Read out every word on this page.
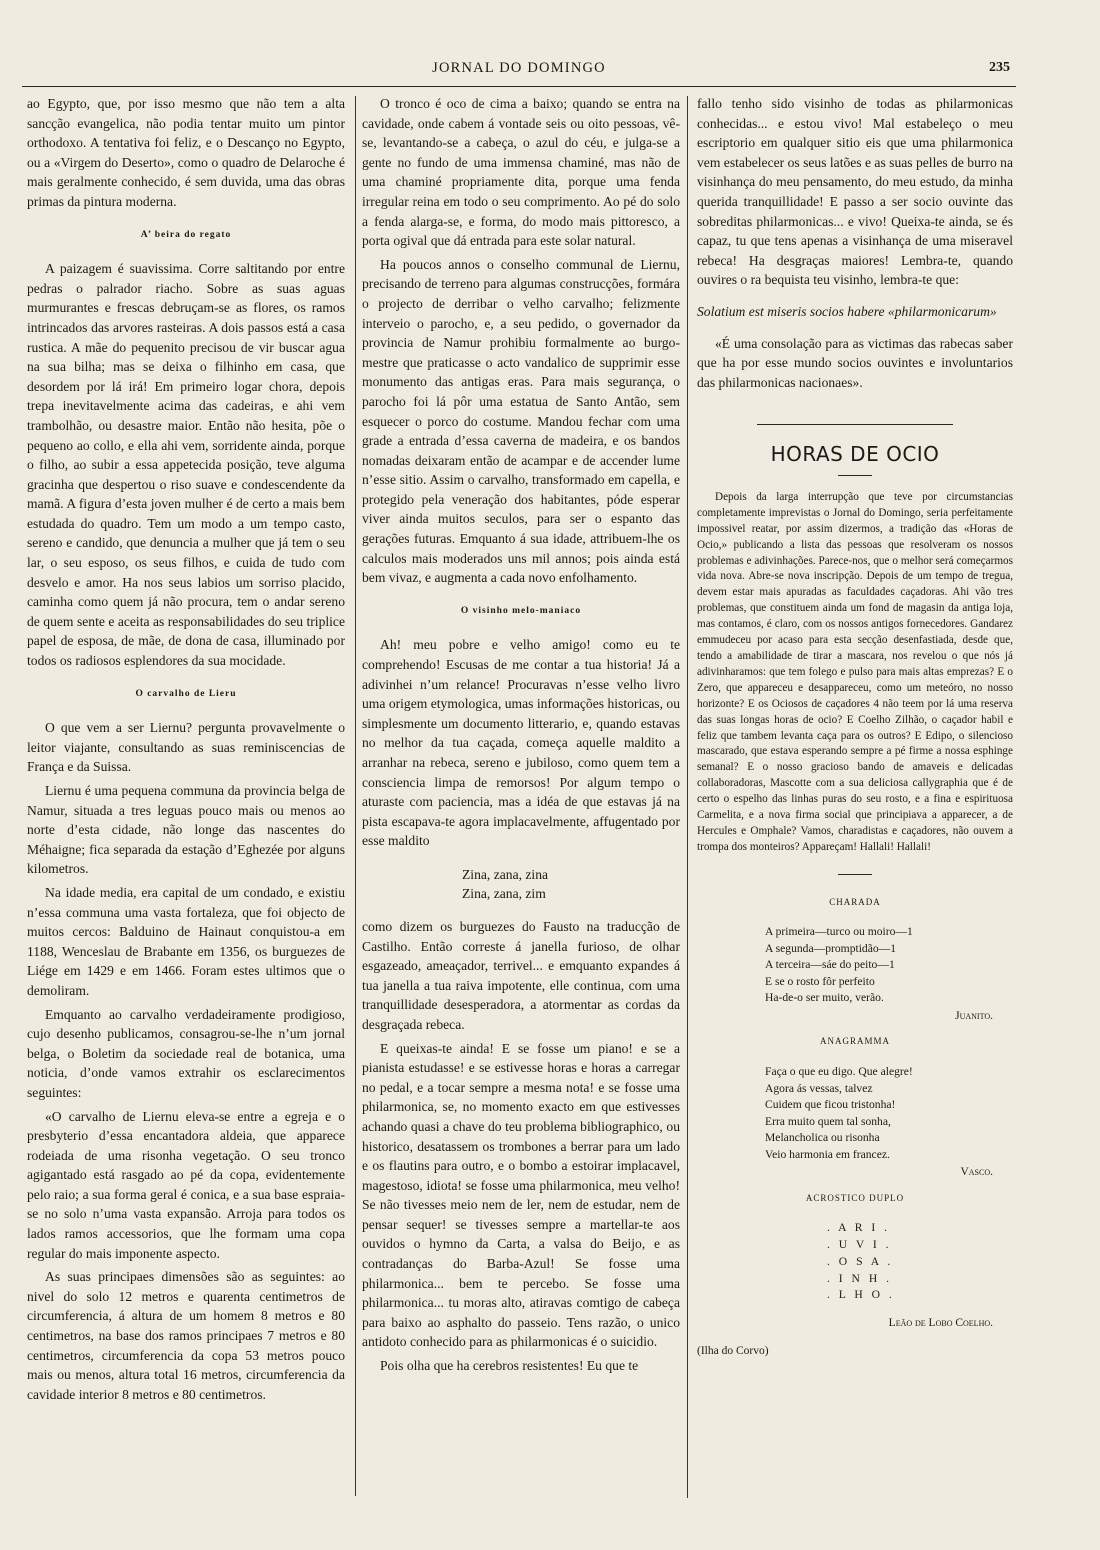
JORNAL DO DOMINGO	235

ao Egypto, que, por isso mesmo que não tem a alta sancção evangelica, não podia tentar muito um pintor orthodoxo. A tentativa foi feliz, e o Descanço no Egypto, ou a «Virgem do Deserto», como o quadro de Delaroche é mais geralmente conhecido, é sem duvida, uma das obras primas da pintura moderna.

A’ beira do regato

A paizagem é suavissima. Corre saltitando por entre pedras o palrador riacho. Sobre as suas aguas murmurantes e frescas debruçam-se as flores, os ramos intrincados das arvores rasteiras. A dois passos está a casa rustica. A mãe do pequenito precisou de vir buscar agua na sua bilha; mas se deixa o filhinho em casa, que desordem por lá irá! Em primeiro logar chora, depois trepa inevitavelmente acima das cadeiras, e ahi vem trambolhão, ou desastre maior. Então não hesita, põe o pequeno ao collo, e ella ahi vem, sorridente ainda, porque o filho, ao subir a essa appetecida posição, teve alguma gracinha que despertou o riso suave e condescendente da mamã. A figura d’esta joven mulher é de certo a mais bem estudada do quadro. Tem um modo a um tempo casto, sereno e candido, que denuncia a mulher que já tem o seu lar, o seu esposo, os seus filhos, e cuida de tudo com desvelo e amor. Ha nos seus labios um sorriso placido, caminha como quem já não procura, tem o andar sereno de quem sente e aceita as responsabilidades do seu triplice papel de esposa, de mãe, de dona de casa, illuminado por todos os radiosos esplendores da sua mocidade.

O carvalho de Lieru

O que vem a ser Liernu? pergunta provavelmente o leitor viajante, consultando as suas reminiscencias de França e da Suissa.

Liernu é uma pequena communa da provincia belga de Namur, situada a tres leguas pouco mais ou menos ao norte d’esta cidade, não longe das nascentes do Méhaigne; fica separada da estação d’Eghezée por alguns kilometros.

Na idade media, era capital de um condado, e existiu n’essa communa uma vasta fortaleza, que foi objecto de muitos cercos: Balduino de Hainaut conquistou-a em 1188, Wenceslau de Brabante em 1356, os burguezes de Liége em 1429 e em 1466. Foram estes ultimos que o demoliram.

Emquanto ao carvalho verdadeiramente prodigioso, cujo desenho publicamos, consagrou-se-lhe n’um jornal belga, o Boletim da sociedade real de botanica, uma noticia, d’onde vamos extrahir os esclarecimentos seguintes:

«O carvalho de Liernu eleva-se entre a egreja e o presbyterio d’essa encantadora aldeia, que apparece rodeiada de uma risonha vegetação. O seu tronco agigantado está rasgado ao pé da copa, evidentemente pelo raio; a sua forma geral é conica, e a sua base espraia-se no solo n’uma vasta expansão. Arroja para todos os lados ramos accessorios, que lhe formam uma copa regular do mais imponente aspecto.

As suas principaes dimensões são as seguintes: ao nivel do solo 12 metros e quarenta centimetros de circumferencia, á altura de um homem 8 metros e 80 centimetros, na base dos ramos principaes 7 metros e 80 centimetros, circumferencia da copa 53 metros pouco mais ou menos, altura total 16 metros, circumferencia da cavidade interior 8 metros e 80 centimetros.

O tronco é oco de cima a baixo; quando se entra na cavidade, onde cabem á vontade seis ou oito pessoas, vê-se, levantando-se a cabeça, o azul do céu, e julga-se a gente no fundo de uma immensa chaminé, mas não de uma chaminé propriamente dita, porque uma fenda irregular reina em todo o seu comprimento. Ao pé do solo a fenda alarga-se, e forma, do modo mais pittoresco, a porta ogival que dá entrada para este solar natural.

Ha poucos annos o conselho communal de Liernu, precisando de terreno para algumas construcções, formára o projecto de derribar o velho carvalho; felizmente interveio o parocho, e, a seu pedido, o governador da provincia de Namur prohibiu formalmente ao burgo-mestre que praticasse o acto vandalico de supprimir esse monumento das antigas eras. Para mais segurança, o parocho foi lá pôr uma estatua de Santo Antão, sem esquecer o porco do costume. Mandou fechar com uma grade a entrada d’essa caverna de madeira, e os bandos nomadas deixaram então de acampar e de accender lume n’esse sitio. Assim o carvalho, transformado em capella, e protegido pela veneração dos habitantes, póde esperar viver ainda muitos seculos, para ser o espanto das gerações futuras. Emquanto á sua idade, attribuem-lhe os calculos mais moderados uns mil annos; pois ainda está bem vivaz, e augmenta a cada novo enfolhamento.

O visinho melo-maniaco

Ah! meu pobre e velho amigo! como eu te comprehendo! Escusas de me contar a tua historia! Já a adivinhei n’um relance! Procuravas n’esse velho livro uma origem etymologica, umas informações historicas, ou simplesmente um documento litterario, e, quando estavas no melhor da tua caçada, começa aquelle maldito a arranhar na rebeca, sereno e jubiloso, como quem tem a consciencia limpa de remorsos! Por algum tempo o aturaste com paciencia, mas a idéa de que estavas já na pista escapava-te agora implacavelmente, affugentado por esse maldito

Zina, zana, zina
Zina, zana, zim

como dizem os burguezes do Fausto na traducção de Castilho. Então correste á janella furioso, de olhar esgazeado, ameaçador, terrivel... e emquanto expandes á tua janella a tua raiva impotente, elle continua, com uma tranquillidade desesperadora, a atormentar as cordas da desgraçada rebeca.

E queixas-te ainda! E se fosse um piano! e se a pianista estudasse! e se estivesse horas e horas a carregar no pedal, e a tocar sempre a mesma nota! e se fosse uma philarmonica, se, no momento exacto em que estivesses achando quasi a chave do teu problema bibliographico, ou historico, desatassem os trombones a berrar para um lado e os flautins para outro, e o bombo a estoirar implacavel, magestoso, idiota! se fosse uma philarmonica, meu velho! Se não tivesses meio nem de ler, nem de estudar, nem de pensar sequer! se tivesses sempre a martellar-te aos ouvidos o hymno da Carta, a valsa do Beijo, e as contradanças do Barba-Azul! Se fosse uma philarmonica... bem te percebo. Se fosse uma philarmonica... tu moras alto, atiravas comtigo de cabeça para baixo ao asphalto do passeio. Tens razão, o unico antidoto conhecido para as philarmonicas é o suicidio.

Pois olha que ha cerebros resistentes! Eu que te

fallo tenho sido visinho de todas as philarmonicas conhecidas... e estou vivo! Mal estabeleço o meu escriptorio em qualquer sitio eis que uma philarmonica vem estabelecer os seus latões e as suas pelles de burro na visinhança do meu pensamento, do meu estudo, da minha querida tranquillidade! E passo a ser socio ouvinte das sobreditas philarmonicas... e vivo! Queixa-te ainda, se és capaz, tu que tens apenas a visinhança de uma miseravel rebeca! Ha desgraças maiores! Lembra-te, quando ouvires o ra bequista teu visinho, lembra-te que:

Solatium est miseris socios habere «philarmonicarum»

«É uma consolação para as victimas das rabecas saber que ha por esse mundo socios ouvintes e involuntarios das philarmonicas nacionaes».

HORAS DE OCIO

Depois da larga interrupção que teve por circumstancias completamente imprevistas o Jornal do Domingo, seria perfeitamente impossivel reatar, por assim dizermos, a tradição das «Horas de Ocio,» publicando a lista das pessoas que resolveram os nossos problemas e adivinhações. Parece-nos, que o melhor será começarmos vida nova. Abre-se nova inscripção. Depois de um tempo de tregua, devem estar mais apuradas as faculdades caçadoras. Ahi vão tres problemas, que constituem ainda um fond de magasin da antiga loja, mas contamos, é claro, com os nossos antigos fornecedores. Gandarez emmudeceu por acaso para esta secção desenfastiada, desde que, tendo a amabilidade de tirar a mascara, nos revelou o que nós já adivinharamos: que tem folego e pulso para mais altas emprezas? E o Zero, que appareceu e desappareceu, como um meteóro, no nosso horizonte? E os Ociosos de caçadores 4 não teem por lá uma reserva das suas longas horas de ocio? E Coelho Zilhão, o caçador habil e feliz que tambem levanta caça para os outros? E Edipo, o silencioso mascarado, que estava esperando sempre a pé firme a nossa esphinge semanal? E o nosso gracioso bando de amaveis e delicadas collaboradoras, Mascotte com a sua deliciosa callygraphia que é de certo o espelho das linhas puras do seu rosto, e a fina e espirituosa Carmelita, e a nova firma social que principiava a apparecer, a de Hercules e Omphale? Vamos, charadistas e caçadores, não ouvem a trompa dos monteiros? Appareçam! Hallali! Hallali!

CHARADA
A primeira—turco ou moiro—1
A segunda—promptidão—1
A terceira—sáe do peito—1
E se o rosto fôr perfeito
Ha-de-o ser muito, verão.
Juanito.
ANAGRAMMA
Faça o que eu digo. Que alegre!
Agora ás vessas, talvez
Cuidem que ficou tristonha!
Erra muito quem tal sonha,
Melancholica ou risonha
Veio harmonia em francez.
Vasco.
ACROSTICO DUPLO
. A R I .
. U V I .
. O S A .
. I N H .
. L H O .
Leão de Lobo Coelho.
(Ilha do Corvo)
